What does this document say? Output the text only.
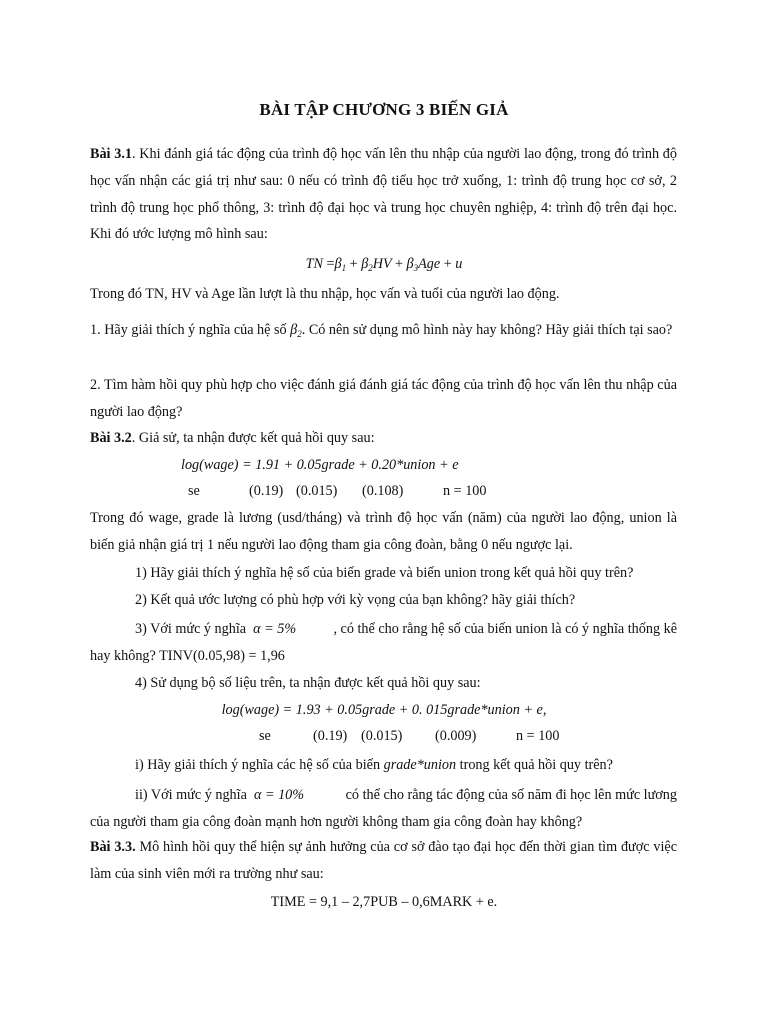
BÀI TẬP CHƯƠNG 3 BIẾN GIẢ
Bài 3.1. Khi đánh giá tác động của trình độ học vấn lên thu nhập của người lao động, trong đó trình độ học vấn nhận các giá trị như sau: 0 nếu có trình độ tiểu học trở xuống, 1: trình độ trung học cơ sở, 2 trình độ trung học phổ thông, 3: trình độ đại học và trung học chuyên nghiệp, 4: trình độ trên đại học. Khi đó ước lượng mô hình sau:
TN $=\beta_1 + \beta_2HV + \beta_3Age + u$
Trong đó TN, HV và Age lần lượt là thu nhập, học vấn và tuổi của người lao động.
1. Hãy giải thích ý nghĩa của hệ số $\beta_2$. Có nên sử dụng mô hình này hay không? Hãy giải thích tại sao?
2. Tìm hàm hồi quy phù hợp cho việc đánh giá đánh giá tác động của trình độ học vấn lên thu nhập của người lao động?
Bài 3.2. Giả sử, ta nhận được kết quả hồi quy sau:
log(wage) = 1.91 + 0.05grade + 0.20*union + e
se	(0.19) (0.015) (0.108)	n = 100
Trong đó wage, grade là lương (usd/tháng) và trình độ học vấn (năm) của người lao động, union là biến giả nhận giá trị 1 nếu người lao động tham gia công đoàn, bằng 0 nếu ngược lại.
1) Hãy giải thích ý nghĩa hệ số của biến grade và biến union trong kết quả hồi quy trên?
2) Kết quả ước lượng có phù hợp với kỳ vọng của bạn không? hãy giải thích?
3) Với mức ý nghĩa α = 5%	, có thể cho rằng hệ số của biến union là có ý nghĩa thống kê
hay không? TINV(0.05,98) = 1,96
4) Sử dụng bộ số liệu trên, ta nhận được kết quả hồi quy sau:
log(wage) = 1.93 + 0.05grade + 0. 015grade*union + e,
se	(0.19) (0.015) (0.009)	n = 100
i) Hãy giải thích ý nghĩa các hệ số của biến grade*union trong kết quả hồi quy trên?
ii) Với mức ý nghĩa α = 10%	có thể cho rằng tác động của số năm đi học lên mức lương
của người tham gia công đoàn mạnh hơn người không tham gia công đoàn hay không?
Bài 3.3. Mô hình hồi quy thể hiện sự ảnh hưởng của cơ sở đào tạo đại học đến thời gian tìm được việc làm của sinh viên mới ra trường như sau:
TIME = 9,1 – 2,7PUB – 0,6MARK + e.
